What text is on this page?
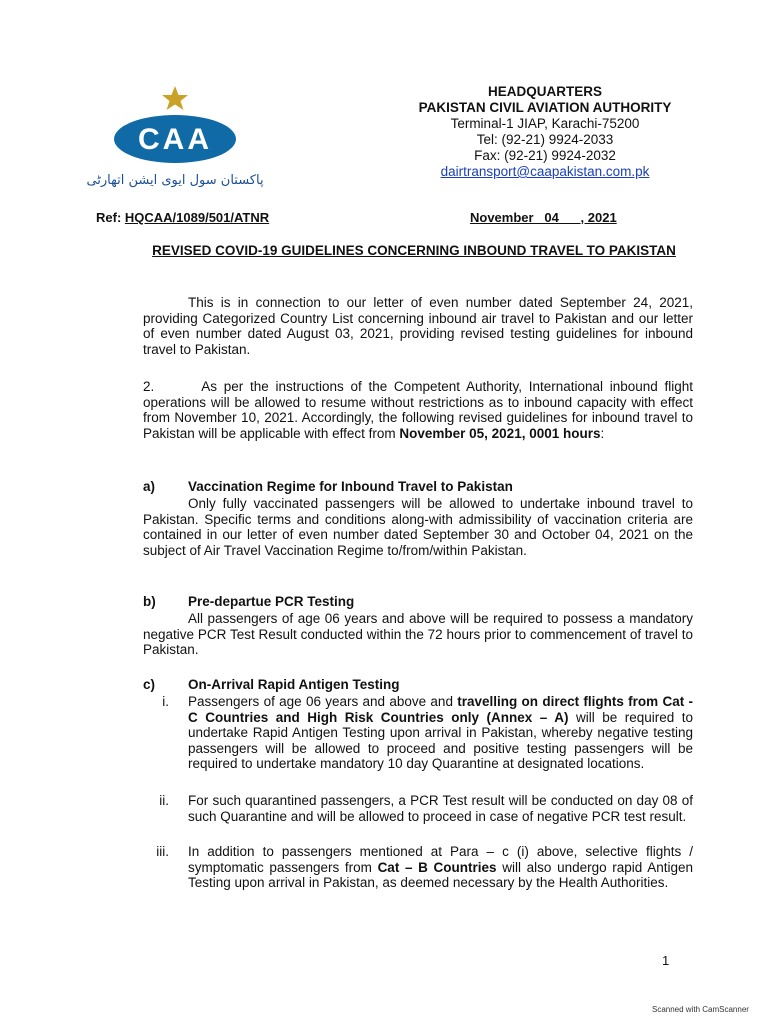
CAA
پاکستان سول ایوی ایشن اتھارٹی
HEADQUARTERS
PAKISTAN CIVIL AVIATION AUTHORITY
Terminal-1 JIAP, Karachi-75200
Tel: (92-21) 9924-2033
Fax: (92-21) 9924-2032
dairtransport@caapakistan.com.pk
Ref: HQCAA/1089/501/ATNR	November   04      , 2021
REVISED COVID-19 GUIDELINES CONCERNING INBOUND TRAVEL TO PAKISTAN

This is in connection to our letter of even number dated September 24, 2021, providing Categorized Country List concerning inbound air travel to Pakistan and our letter of even number dated August 03, 2021, providing revised testing guidelines for inbound travel to Pakistan.

2.       As per the instructions of the Competent Authority, International inbound flight operations will be allowed to resume without restrictions as to inbound capacity with effect from November 10, 2021. Accordingly, the following revised guidelines for inbound travel to Pakistan will be applicable with effect from November 05, 2021, 0001 hours:

a) Vaccination Regime for Inbound Travel to Pakistan

Only fully vaccinated passengers will be allowed to undertake inbound travel to Pakistan. Specific terms and conditions along-with admissibility of vaccination criteria are contained in our letter of even number dated September 30 and October 04, 2021 on the subject of Air Travel Vaccination Regime to/from/within Pakistan.

b) Pre-departue PCR Testing

All passengers of age 06 years and above will be required to possess a mandatory negative PCR Test Result conducted within the 72 hours prior to commencement of travel to Pakistan.

c) On-Arrival Rapid Antigen Testing
i. Passengers of age 06 years and above and travelling on direct flights from Cat - C Countries and High Risk Countries only (Annex – A) will be required to undertake Rapid Antigen Testing upon arrival in Pakistan, whereby negative testing passengers will be allowed to proceed and positive testing passengers will be required to undertake mandatory 10 day Quarantine at designated locations.
ii. For such quarantined passengers, a PCR Test result will be conducted on day 08 of such Quarantine and will be allowed to proceed in case of negative PCR test result.
iii. In addition to passengers mentioned at Para – c (i) above, selective flights / symptomatic passengers from Cat – B Countries will also undergo rapid Antigen Testing upon arrival in Pakistan, as deemed necessary by the Health Authorities.
1
Scanned with CamScanner
